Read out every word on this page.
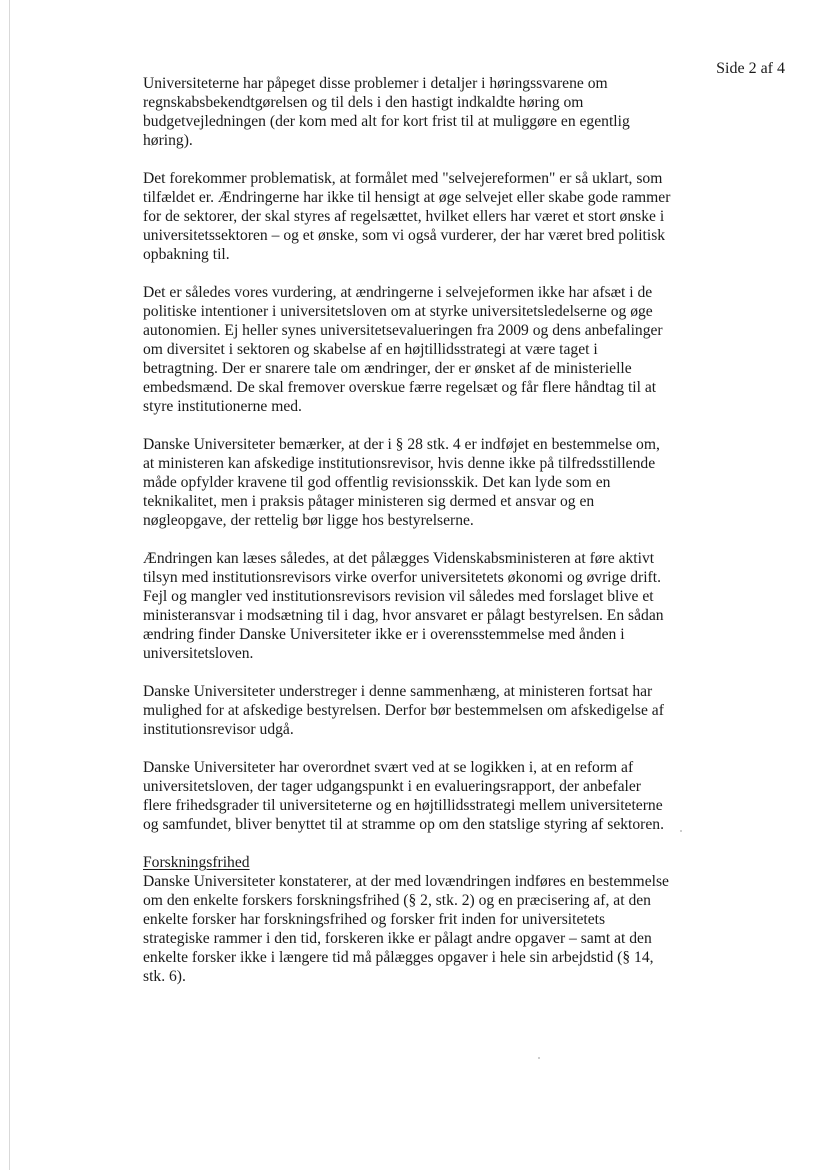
Side 2 af 4

Universiteterne har påpeget disse problemer i detaljer i høringssvarene om regnskabsbekendtgørelsen og til dels i den hastigt indkaldte høring om budgetvejledningen (der kom med alt for kort frist til at muliggøre en egentlig høring).

Det forekommer problematisk, at formålet med "selvejereformen" er så uklart, som tilfældet er. Ændringerne har ikke til hensigt at øge selvejet eller skabe gode rammer for de sektorer, der skal styres af regelsættet, hvilket ellers har været et stort ønske i universitetssektoren – og et ønske, som vi også vurderer, der har været bred politisk opbakning til.

Det er således vores vurdering, at ændringerne i selvejeformen ikke har afsæt i de politiske intentioner i universitetsloven om at styrke universitetsledelserne og øge autonomien. Ej heller synes universitetsevalueringen fra 2009 og dens anbefalinger om diversitet i sektoren og skabelse af en højtillidsstrategi at være taget i betragtning. Der er snarere tale om ændringer, der er ønsket af de ministerielle embedsmænd. De skal fremover overskue færre regelsæt og får flere håndtag til at styre institutionerne med.

Danske Universiteter bemærker, at der i § 28 stk. 4 er indføjet en bestemmelse om, at ministeren kan afskedige institutionsrevisor, hvis denne ikke på tilfredsstillende måde opfylder kravene til god offentlig revisionsskik. Det kan lyde som en teknikalitet, men i praksis påtager ministeren sig dermed et ansvar og en nøgleopgave, der rettelig bør ligge hos bestyrelserne.

Ændringen kan læses således, at det pålægges Videnskabsministeren at føre aktivt tilsyn med institutionsrevisors virke overfor universitetets økonomi og øvrige drift. Fejl og mangler ved institutionsrevisors revision vil således med forslaget blive et ministeransvar i modsætning til i dag, hvor ansvaret er pålagt bestyrelsen. En sådan ændring finder Danske Universiteter ikke er i overensstemmelse med ånden i universitetsloven.

Danske Universiteter understreger i denne sammenhæng, at ministeren fortsat har mulighed for at afskedige bestyrelsen. Derfor bør bestemmelsen om afskedigelse af institutionsrevisor udgå.

Danske Universiteter har overordnet svært ved at se logikken i, at en reform af universitetsloven, der tager udgangspunkt i en evalueringsrapport, der anbefaler flere frihedsgrader til universiteterne og en højtillidsstrategi mellem universiteterne og samfundet, bliver benyttet til at stramme op om den statslige styring af sektoren.

Forskningsfrihed

Danske Universiteter konstaterer, at der med lovændringen indføres en bestemmelse om den enkelte forskers forskningsfrihed (§ 2, stk. 2) og en præcisering af, at den enkelte forsker har forskningsfrihed og forsker frit inden for universitetets strategiske rammer i den tid, forskeren ikke er pålagt andre opgaver – samt at den enkelte forsker ikke i længere tid må pålægges opgaver i hele sin arbejdstid (§ 14, stk. 6).
